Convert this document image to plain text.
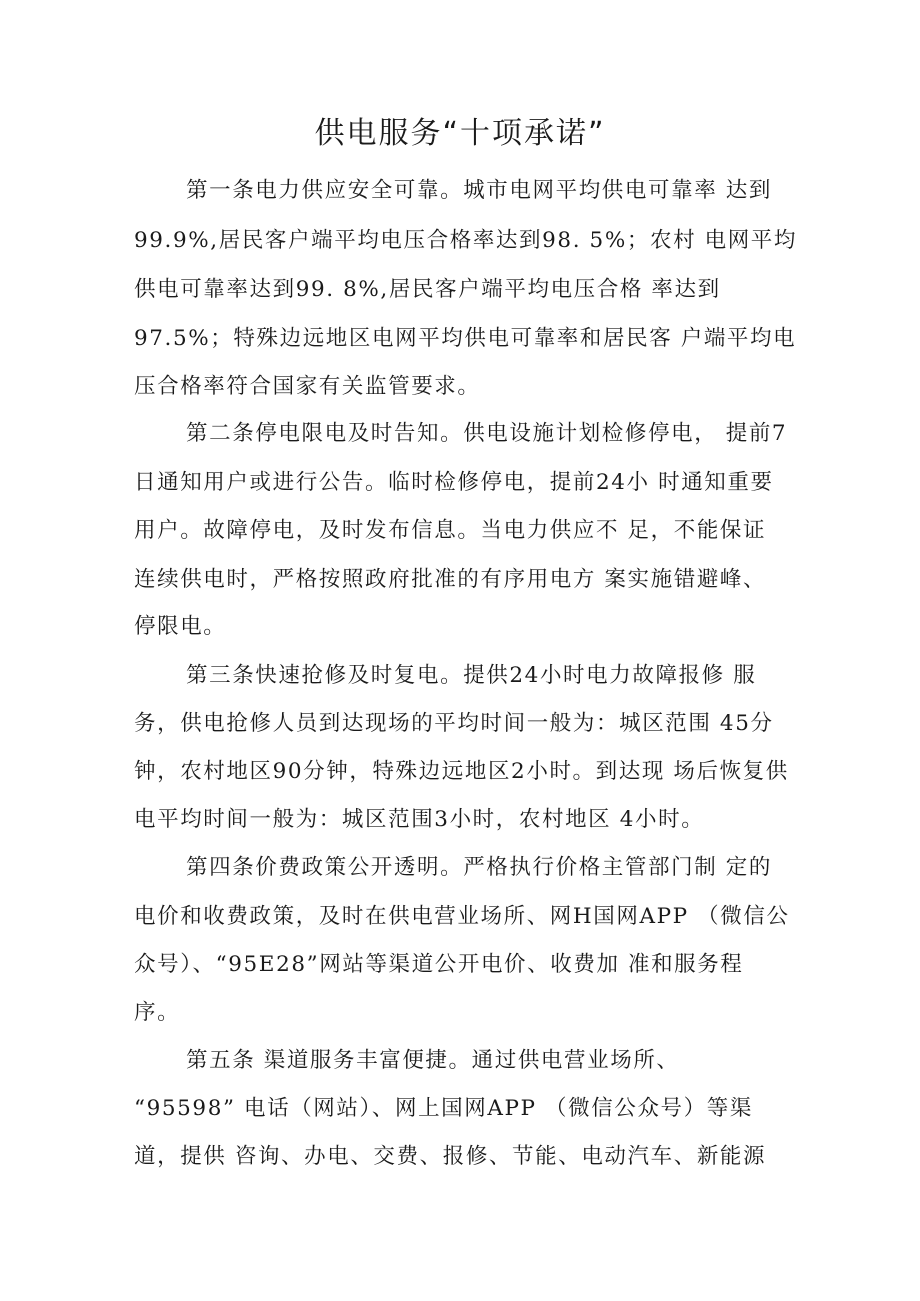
供电服务“十项承诺”
第一条电力供应安全可靠。城市电网平均供电可靠率 达到
99.9%,居民客户端平均电压合格率达到98. 5%；农村 电网平均
供电可靠率达到99. 8%,居民客户端平均电压合格 率达到
97.5%；特殊边远地区电网平均供电可靠率和居民客 户端平均电
压合格率符合国家有关监管要求。
第二条停电限电及时告知。供电设施计划检修停电， 提前7
日通知用户或进行公告。临时检修停电，提前24小 时通知重要
用户。故障停电，及时发布信息。当电力供应不 足，不能保证
连续供电时，严格按照政府批准的有序用电方 案实施错避峰、
停限电。
第三条快速抢修及时复电。提供24小时电力故障报修 服
务，供电抢修人员到达现场的平均时间一般为：城区范围 45分
钟，农村地区90分钟，特殊边远地区2小时。到达现 场后恢复供
电平均时间一般为：城区范围3小时，农村地区 4小时。
第四条价费政策公开透明。严格执行价格主管部门制 定的
电价和收费政策，及时在供电营业场所、网H国网APP （微信公
众号）、“95E28”网站等渠道公开电价、收费加 准和服务程
序。
第五条 渠道服务丰富便捷。通过供电营业场所、
“95598” 电话（网站）、网上国网APP （微信公众号）等渠
道，提供 咨询、办电、交费、报修、节能、电动汽车、新能源
